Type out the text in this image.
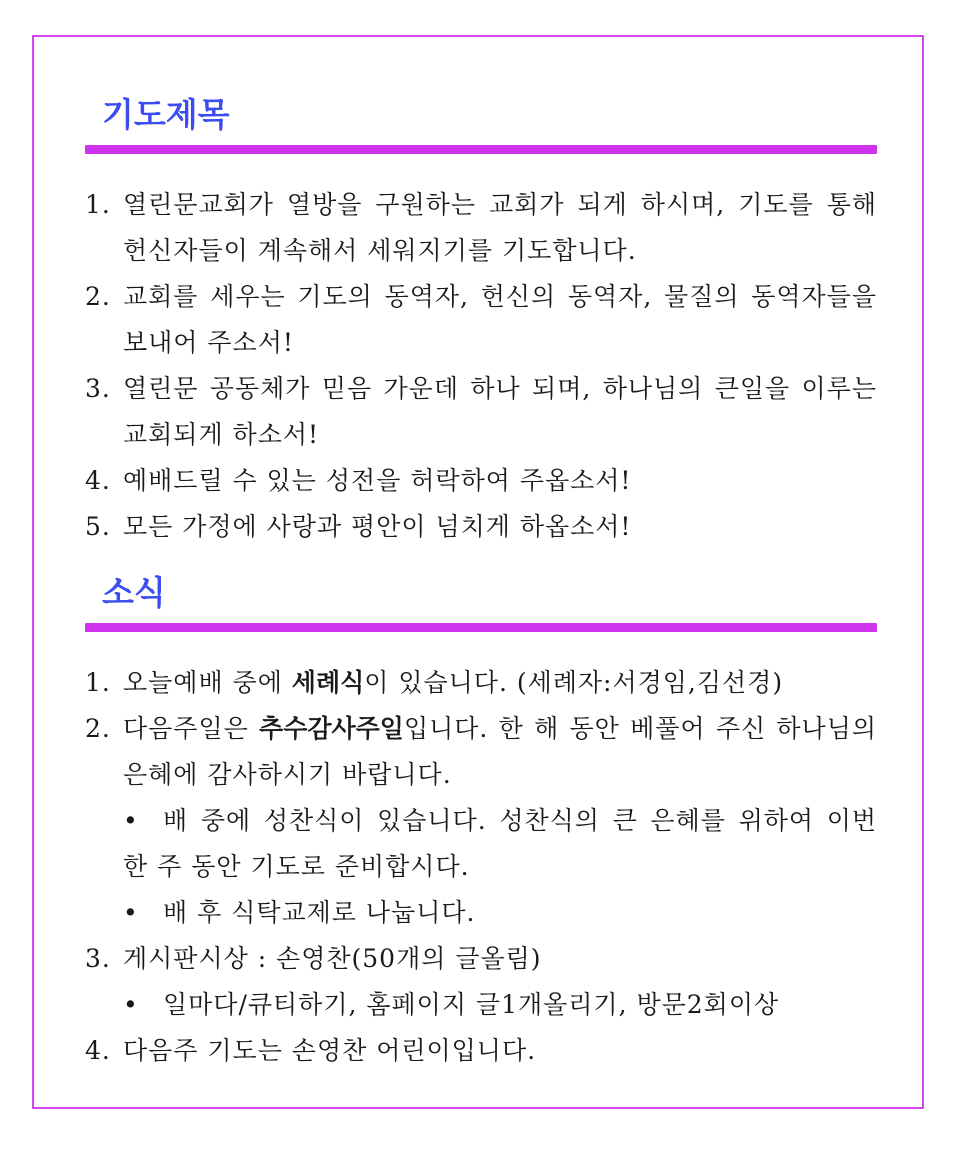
기도제목
1. 열린문교회가 열방을 구원하는 교회가 되게 하시며, 기도를 통해 헌신자들이 계속해서 세워지기를 기도합니다.
2. 교회를 세우는 기도의 동역자, 헌신의 동역자, 물질의 동역자들을 보내어 주소서!
3. 열린문 공동체가 믿음 가운데 하나 되며, 하나님의 큰일을 이루는 교회되게 하소서!
4. 예배드릴 수 있는 성전을 허락하여 주옵소서!
5. 모든 가정에 사랑과 평안이 넘치게 하옵소서!
소식
1. 오늘예배 중에 세례식이 있습니다. (세례자:서경임,김선경)
2. 다음주일은 추수감사주일입니다. 한 해 동안 베풀어 주신 하나님의 은혜에 감사하시기 바랍니다.
• 배 중에 성찬식이 있습니다. 성찬식의 큰 은혜를 위하여 이번 한 주 동안 기도로 준비합시다.
• 배 후 식탁교제로 나눕니다.
3. 게시판시상 : 손영찬(50개의 글올림)
• 일마다/큐티하기, 홈페이지 글1개올리기, 방문2회이상
4. 다음주 기도는 손영찬 어린이입니다.
